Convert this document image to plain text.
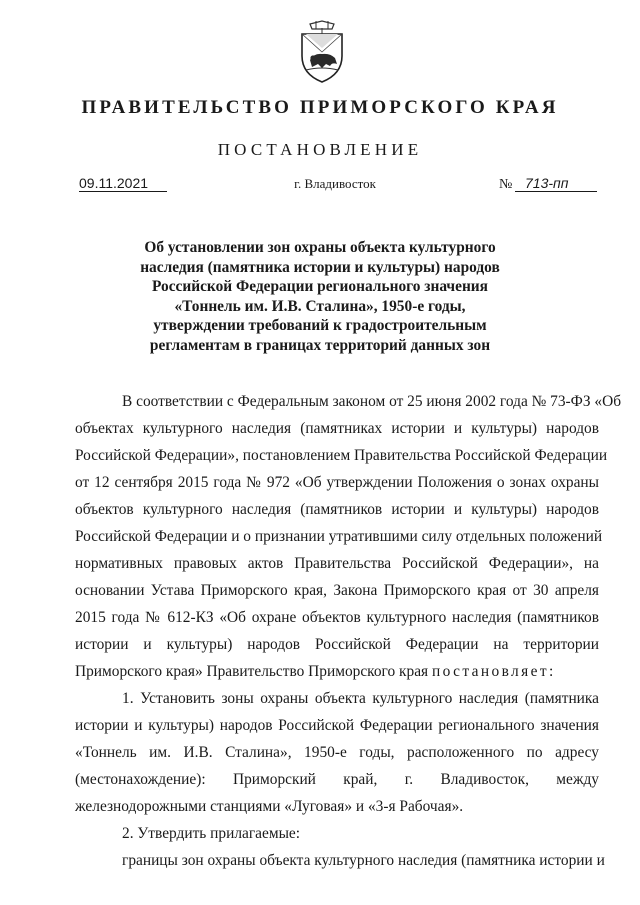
ПРАВИТЕЛЬСТВО ПРИМОРСКОГО КРАЯ
ПОСТАНОВЛЕНИЕ
09.11.2021	г. Владивосток	№ 713-пп
Об установлении зон охраны объекта культурного
наследия (памятника истории и культуры) народов
Российской Федерации регионального значения
«Тоннель им. И.В. Сталина», 1950-е годы,
утверждении требований к градостроительным
регламентам в границах территорий данных зон
В соответствии с Федеральным законом от 25 июня 2002 года № 73-ФЗ «Об
объектах культурного наследия (памятниках истории и культуры) народов
Российской Федерации», постановлением Правительства Российской Федерации
от 12 сентября 2015 года № 972 «Об утверждении Положения о зонах охраны
объектов культурного наследия (памятников истории и культуры) народов
Российской Федерации и о признании утратившими силу отдельных положений
нормативных правовых актов Правительства Российской Федерации», на
основании Устава Приморского края, Закона Приморского края от 30 апреля
2015 года № 612-КЗ «Об охране объектов культурного наследия (памятников
истории и культуры) народов Российской Федерации на территории
Приморского края» Правительство Приморского края постановляет:
1. Установить зоны охраны объекта культурного наследия (памятника
истории и культуры) народов Российской Федерации регионального значения
«Тоннель им. И.В. Сталина», 1950-е годы, расположенного по адресу
(местонахождение): Приморский край, г. Владивосток, между
железнодорожными станциями «Луговая» и «3-я Рабочая».
2. Утвердить прилагаемые:
границы зон охраны объекта культурного наследия (памятника истории и
